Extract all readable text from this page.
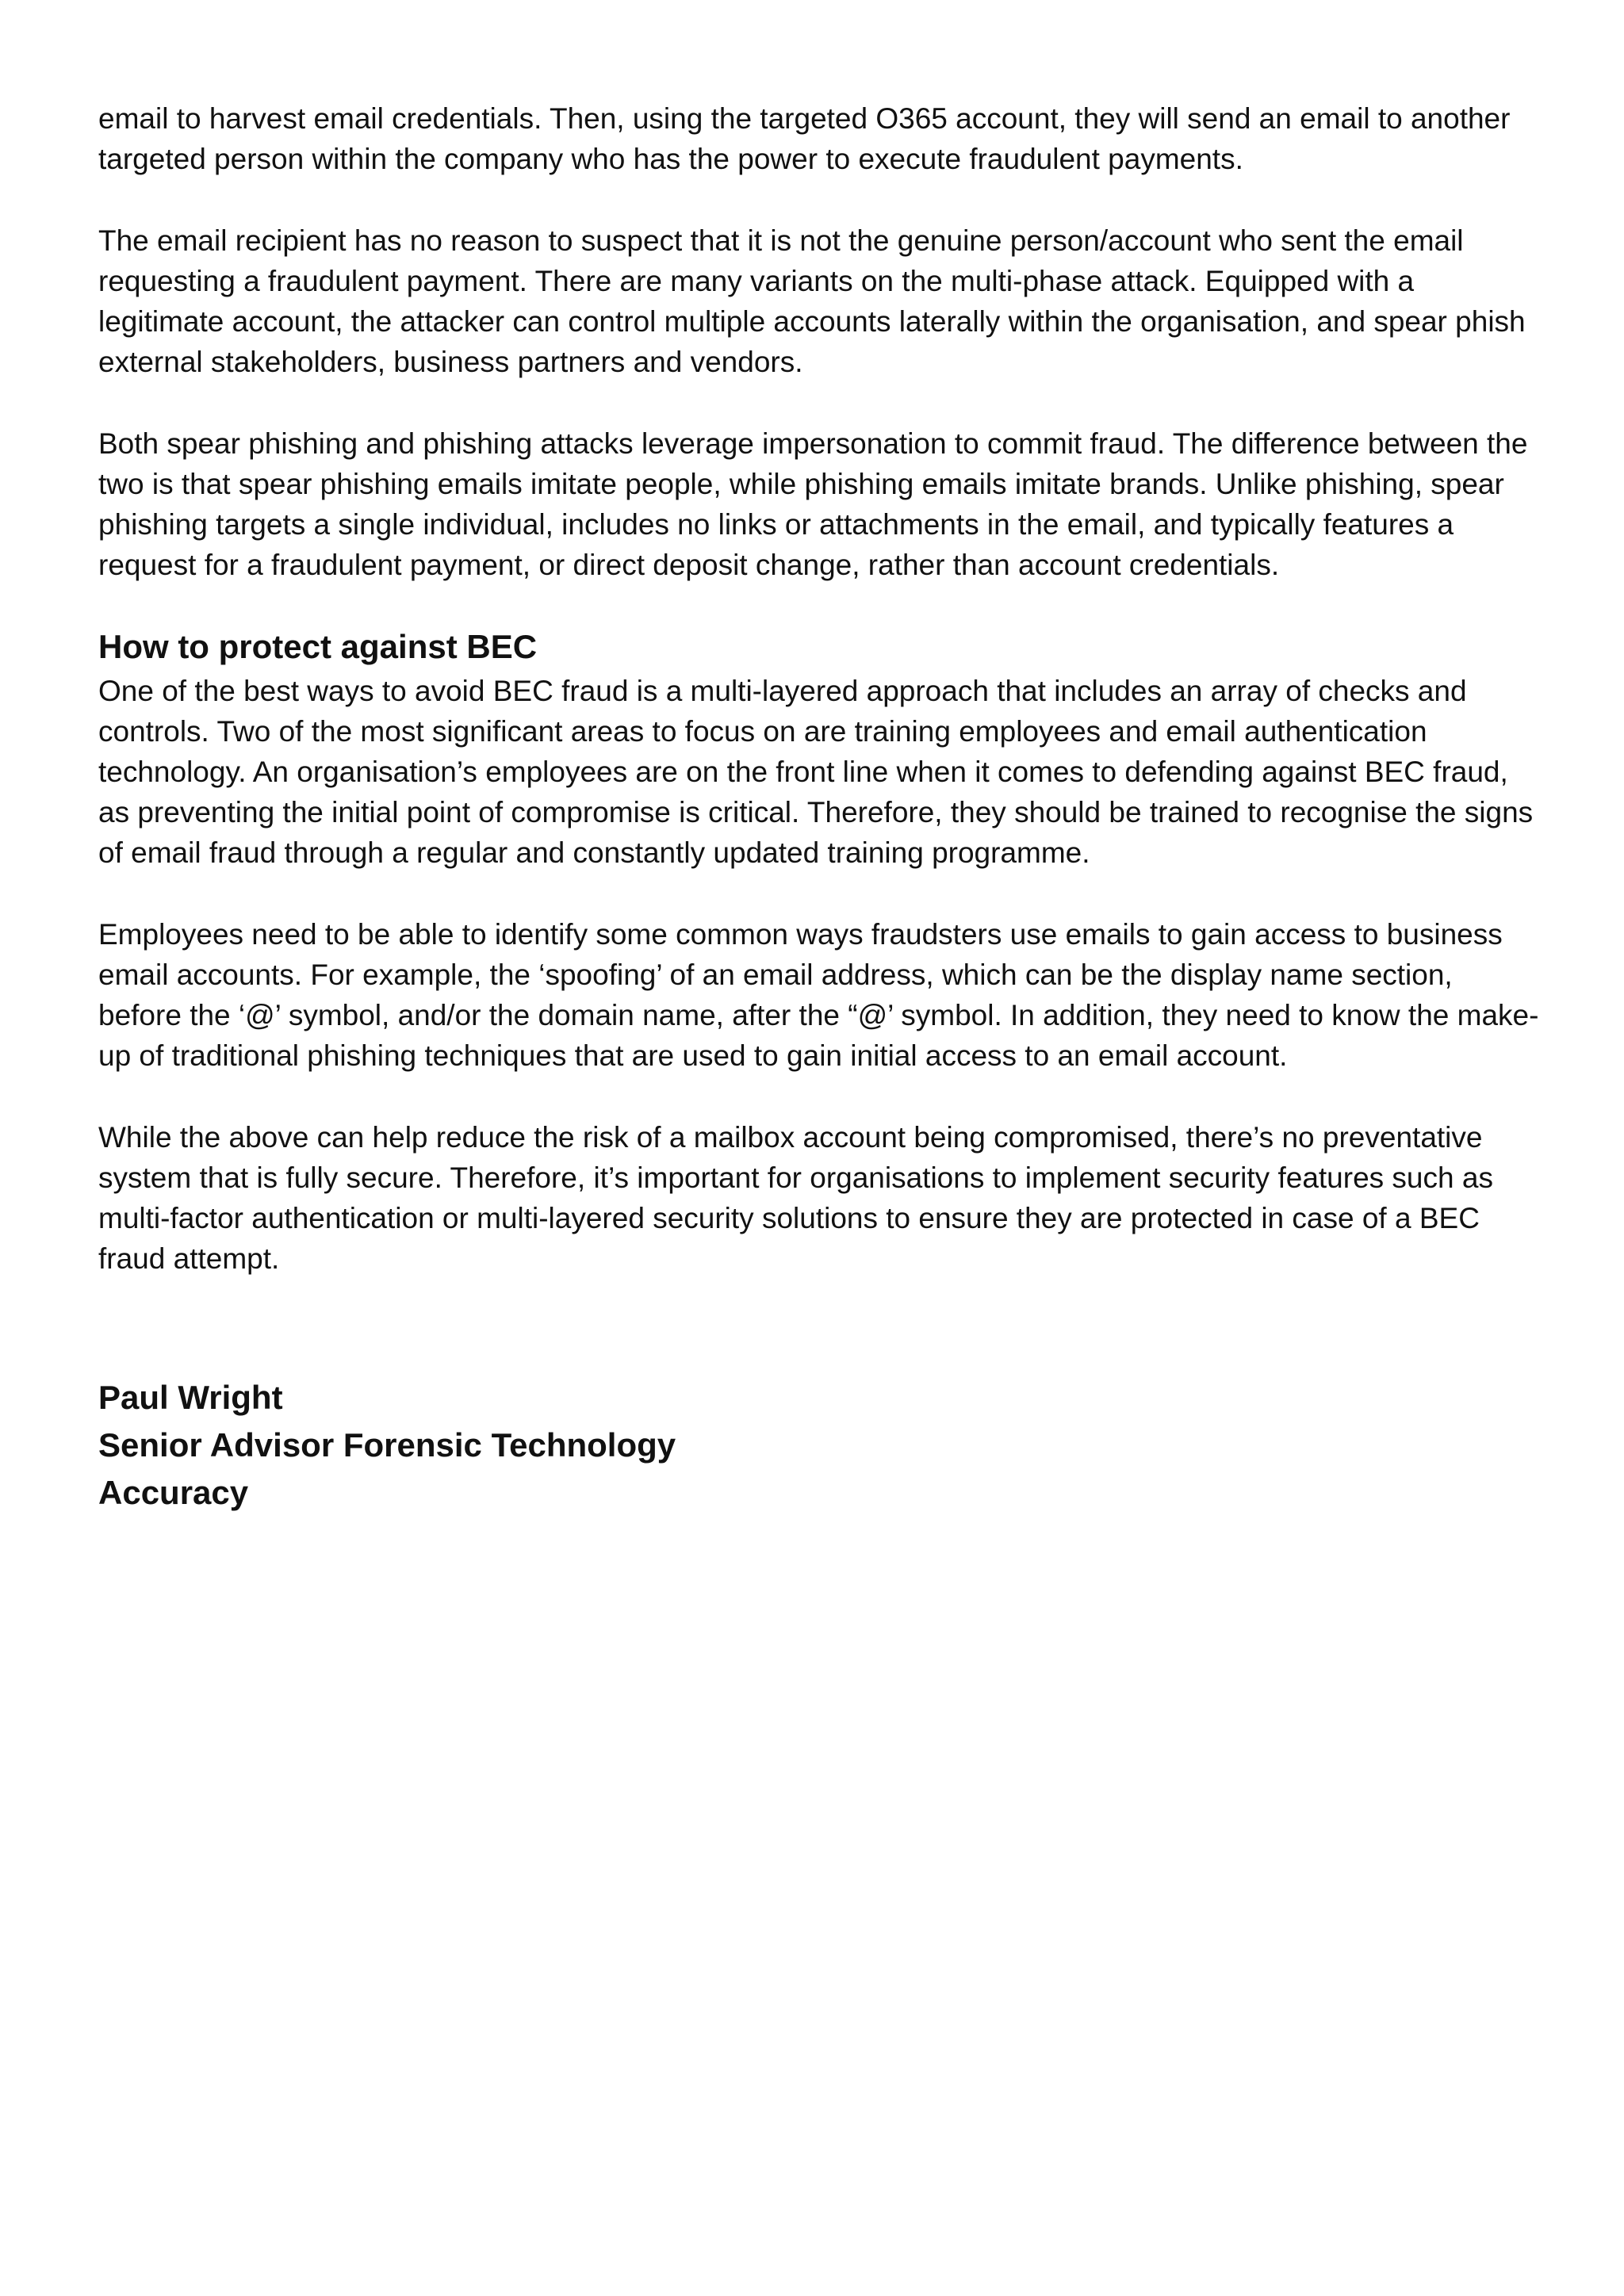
email to harvest email credentials. Then, using the targeted O365 account, they will send an email to another targeted person within the company who has the power to execute fraudulent payments.

The email recipient has no reason to suspect that it is not the genuine person/account who sent the email requesting a fraudulent payment. There are many variants on the multi-phase attack. Equipped with a legitimate account, the attacker can control multiple accounts laterally within the organisation, and spear phish external stakeholders, business partners and vendors.

Both spear phishing and phishing attacks leverage impersonation to commit fraud. The difference between the two is that spear phishing emails imitate people, while phishing emails imitate brands. Unlike phishing, spear phishing targets a single individual, includes no links or attachments in the email, and typically features a request for a fraudulent payment, or direct deposit change, rather than account credentials.

How to protect against BEC

One of the best ways to avoid BEC fraud is a multi-layered approach that includes an array of checks and controls. Two of the most significant areas to focus on are training employees and email authentication technology. An organisation’s employees are on the front line when it comes to defending against BEC fraud, as preventing the initial point of compromise is critical. Therefore, they should be trained to recognise the signs of email fraud through a regular and constantly updated training programme.

Employees need to be able to identify some common ways fraudsters use emails to gain access to business email accounts. For example, the ‘spoofing’ of an email address, which can be the display name section, before the ‘@’ symbol, and/or the domain name, after the “@’ symbol. In addition, they need to know the make-up of traditional phishing techniques that are used to gain initial access to an email account.

While the above can help reduce the risk of a mailbox account being compromised, there’s no preventative system that is fully secure. Therefore, it’s important for organisations to implement security features such as multi-factor authentication or multi-layered security solutions to ensure they are protected in case of a BEC fraud attempt.

Paul Wright
Senior Advisor Forensic Technology
Accuracy
